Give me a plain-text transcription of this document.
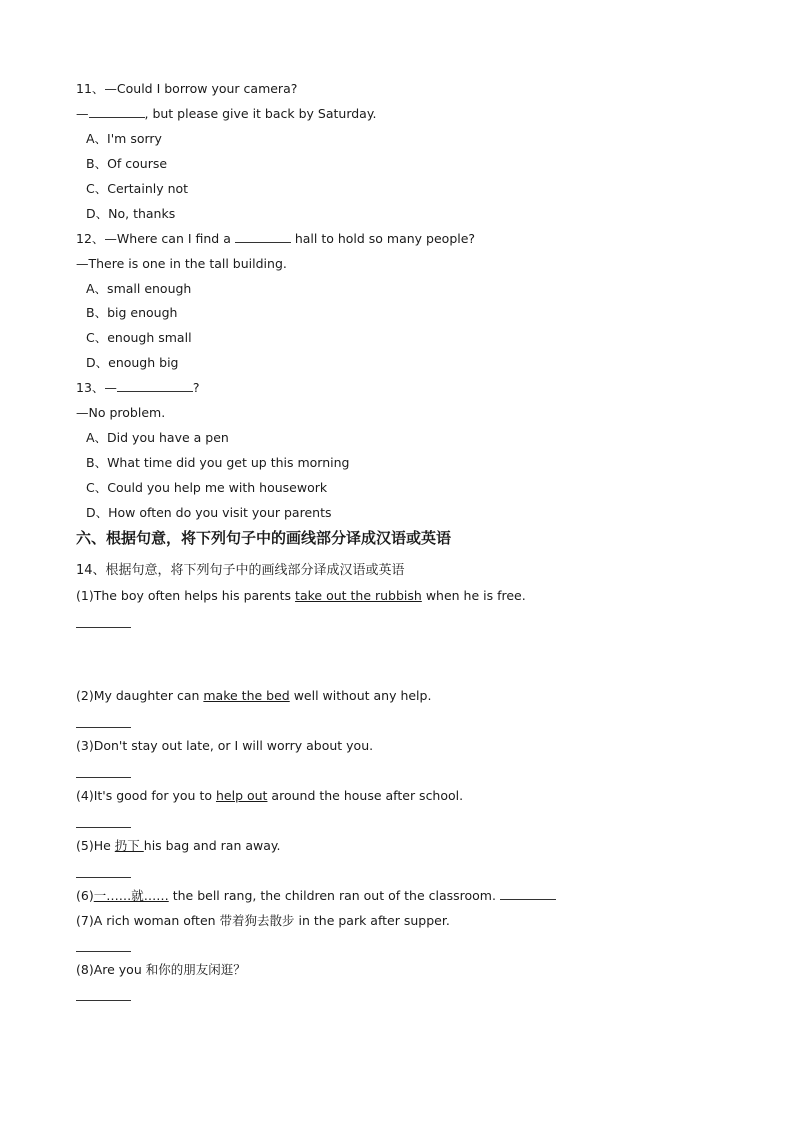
11、—Could I borrow your camera?
—	, but please give it back by Saturday.
A、I'm sorry
B、Of course
C、Certainly not
D、No, thanks
12、—Where can I find a	hall to hold so many people?
—There is one in the tall building.
A、small enough
B、big enough
C、enough small
D、enough big
13、—	?
—No problem.
A、Did you have a pen
B、What time did you get up this morning
C、Could you help me with housework
D、How often do you visit your parents
六、根据句意，将下列句子中的画线部分译成汉语或英语
14、根据句意，将下列句子中的画线部分译成汉语或英语
(1)The boy often helps his parents take out the rubbish when he is free.
(2)My daughter can make the bed well without any help.
(3)Don't stay out late, or I will worry about you.
(4)It's good for you to help out around the house after school.
(5)He 扔下 his bag and ran away.
(6)一……就…… the bell rang, the children ran out of the classroom.
(7)A rich woman often 带着狗去散步 in the park after supper.
(8)Are you 和你的朋友闲逛？
